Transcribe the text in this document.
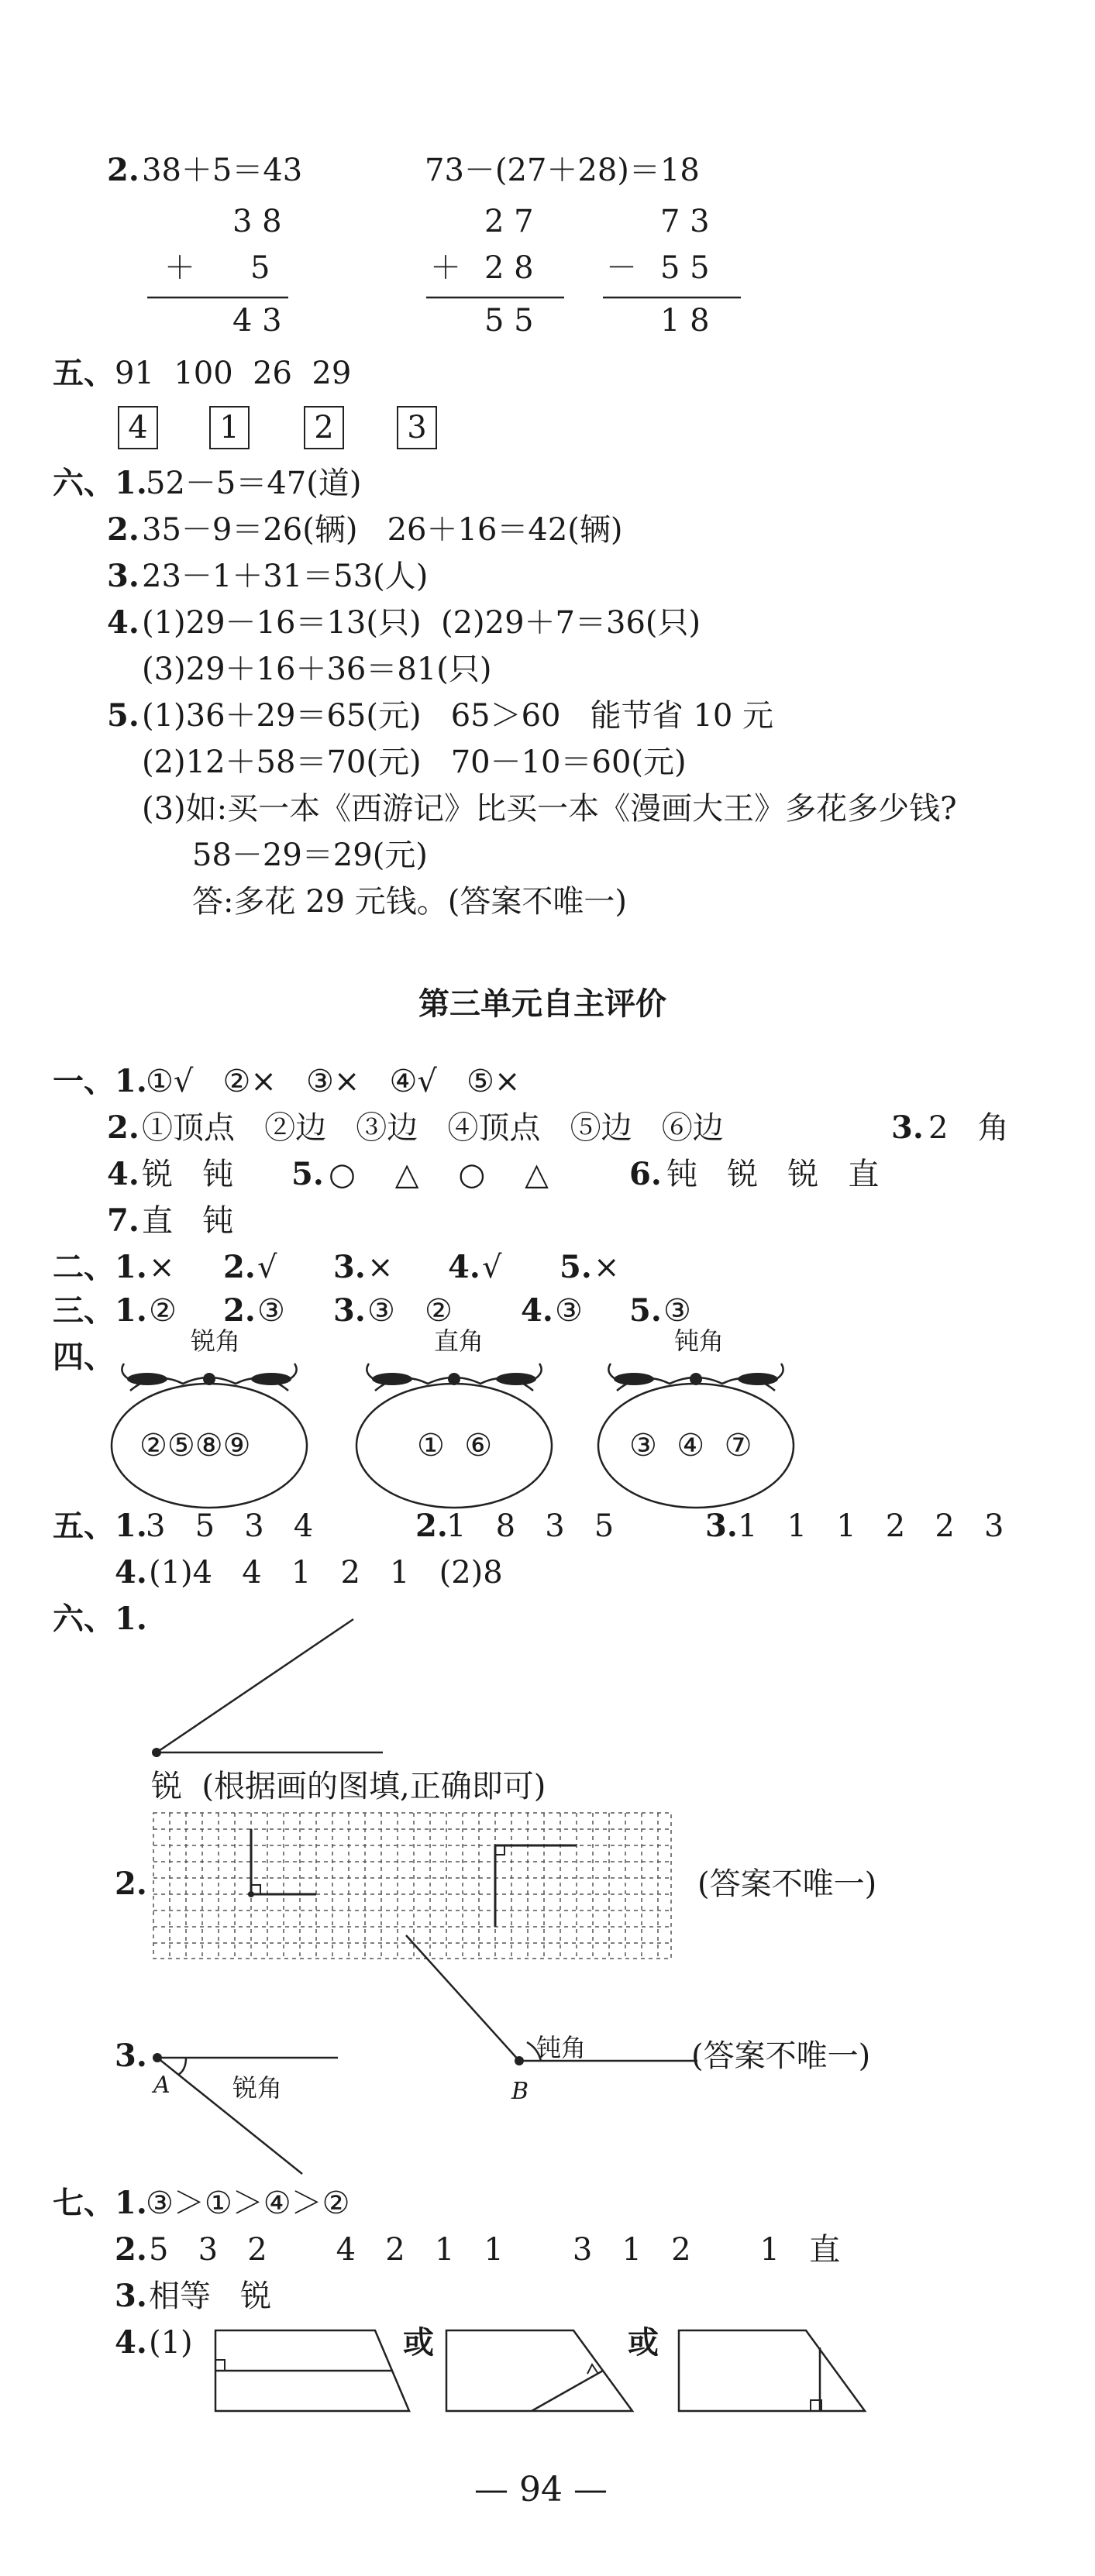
2. 38＋5＝43	73－(27＋28)＝18
3 8
＋ 5
4 3
2 7
＋ 2 8
5 5
7 3
－ 5 5
1 8
五、 91  100  26  29
4	1	2	3
六、 1.
52－5＝47(道)
2. 35－9＝26(辆)   26＋16＝42(辆)
3. 23－1＋31＝53(人)
4. (1)29－16＝13(只)  (2)29＋7＝36(只)
(3)29＋16＋36＝81(只)
5. (1)36＋29＝65(元)   65＞60   能节省 10 元
(2)12＋58＝70(元)   70－10＝60(元)
(3)如:买一本《西游记》比买一本《漫画大王》多花多少钱?
58－29＝29(元)
答:多花 29 元钱。(答案不唯一)
第三单元自主评价
一、 1.
①√   ②×   ③×   ④√   ⑤×
2. ①顶点   ②边   ③边   ④顶点   ⑤边   ⑥边	3. 2   角
4. 锐   钝 5. ○    △    ○    △	6. 钝   锐   锐   直
7. 直   钝
二、 1. × 2. √ 3. × 4. √ 5. ×
三、 1. ② 2. ③ 3. ③   ② 4. ③ 5. ③
四、	锐角
②⑤⑧⑨
直角
①  ⑥
钝角
③  ④  ⑦
五、 1.
3   5   3   4	2.
1   8   3   5	3. 1   1   1   2   2   3
4. (1)4   4   1   2   1   (2)8
六、 1.
锐  (根据画的图填,正确即可)
2.	(答案不唯一)
3.
A	锐角	B
钝角	(答案不唯一)
七、 1.
③＞①＞④＞②
2. 5   3   2       4   2   1   1       3   1   2       1   直
3. 相等   锐
4. (1)	或	或
— 94 —
